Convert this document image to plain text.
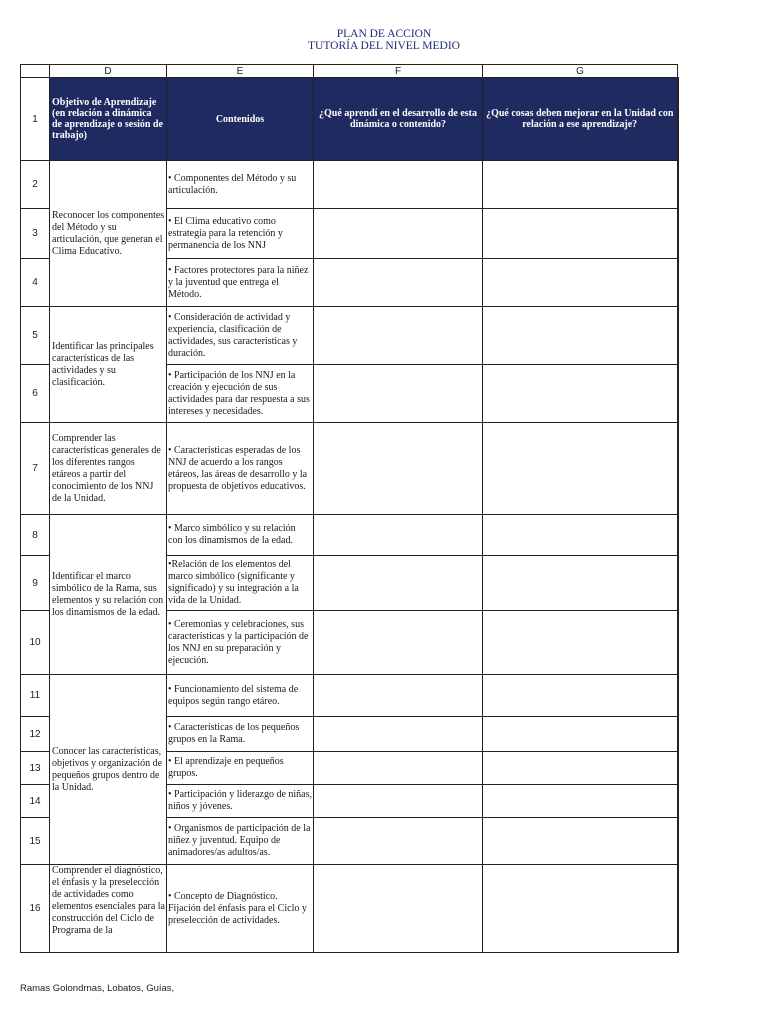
PLAN DE ACCION
TUTORÍA DEL NIVEL MEDIO
	D	E	F	G
1	Objetivo de Aprendizaje (en relación a dinámica de aprendizaje o sesión de trabajo)	Contenidos	¿Qué aprendí en el desarrollo de esta dinámica o contenido?	¿Qué cosas deben mejorar en la Unidad con relación a ese aprendizaje?
2	Reconocer los componentes del Método y su articulación, que generan el Clima Educativo.	• Componentes del Método y su articulación.		
3		• El Clima educativo como estrategia para la retención y permanencia de los NNJ		
4		• Factores protectores para la niñez y la juventud que entrega el Método.		
5	Identificar las principales características de las actividades y su clasificación.	• Consideración de actividad y experiencia, clasificación de actividades, sus características y duración.		
6		• Participación de los NNJ en la creación y ejecución de sus actividades para dar respuesta a sus intereses y necesidades.		
7	Comprender las características generales de los diferentes rangos etáreos a partir del conocimiento de los NNJ de la Unidad.	• Características esperadas de los NNJ de acuerdo a los rangos etáreos, las áreas de desarrollo y la propuesta de objetivos educativos.		
8	Identificar el marco simbólico de la Rama, sus elementos y su relación con los dinamismos de la edad.	• Marco simbólico y su relación con los dinamismos de la edad.		
9		•Relación de los elementos del marco simbólico (significante y significado) y su integración a la vida de la Unidad.		
10		• Ceremonias y celebraciones, sus características y la participación de los NNJ en su preparación y ejecución.		
11	Conocer las características, objetivos y organización de pequeños grupos dentro de la Unidad.	• Funcionamiento del sistema de equipos según rango etáreo.		
12		• Características de los pequeños grupos en la Rama.		
13		• El aprendizaje en pequeños grupos.		
14		• Participación y liderazgo de niñas, niños y jóvenes.		
15		• Organismos de participación de la niñez y juventud. Equipo de animadores/as adultos/as.		
16	Comprender el diagnóstico, el énfasis y la preselección de actividades como elementos esenciales para la construcción del Ciclo de Programa de la	• Concepto de Diagnóstico. Fijación del énfasis para el Ciclo y preselección de actividades.		
Ramas Golondrnas, Lobatos, Guías,
